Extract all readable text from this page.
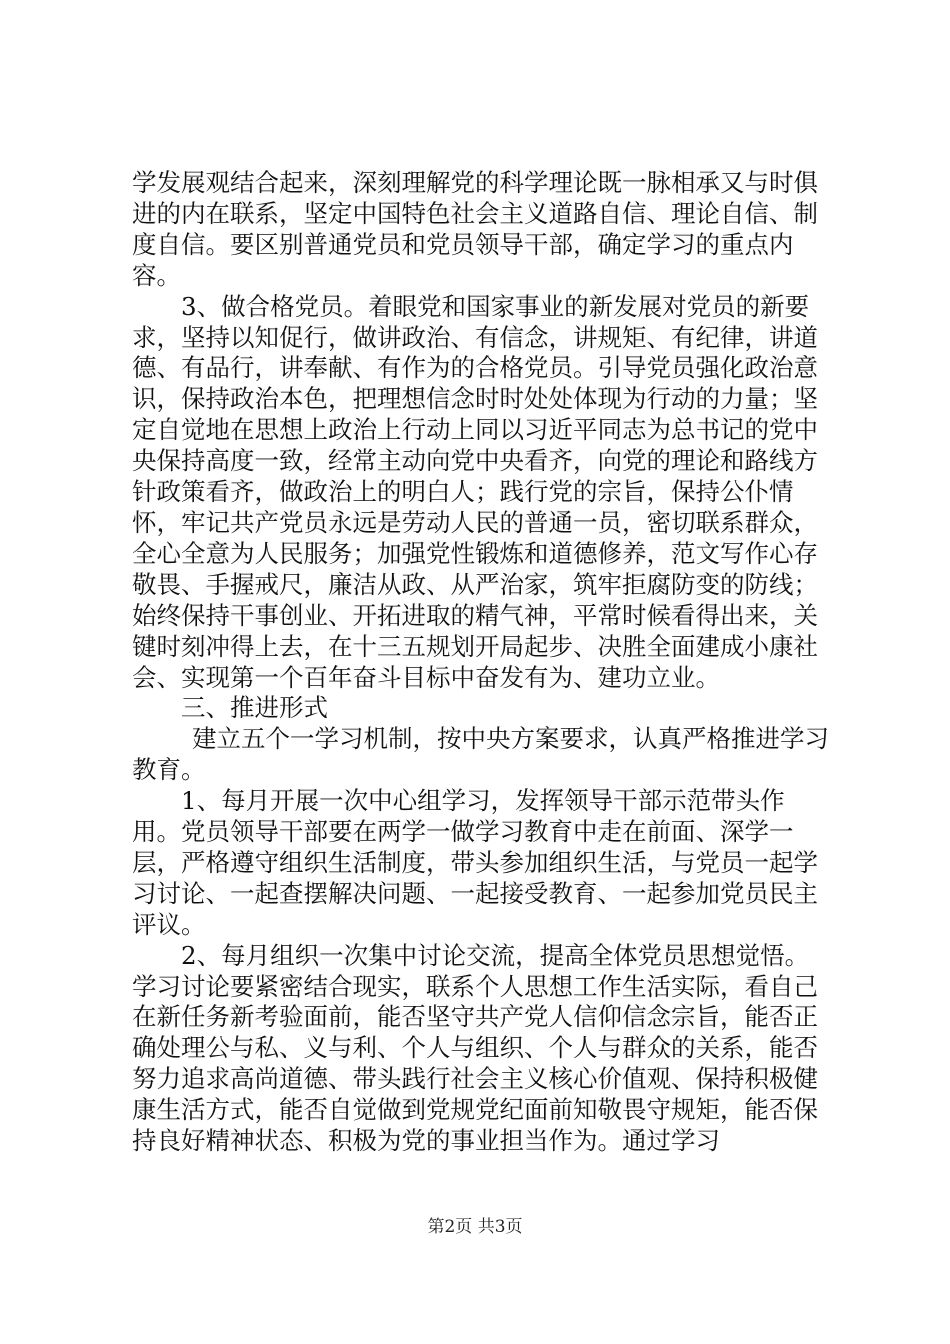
学发展观结合起来，深刻理解党的科学理论既一脉相承又与时俱进的内在联系，坚定中国特色社会主义道路自信、理论自信、制度自信。要区别普通党员和党员领导干部，确定学习的重点内容。

3、做合格党员。着眼党和国家事业的新发展对党员的新要求，坚持以知促行，做讲政治、有信念，讲规矩、有纪律，讲道德、有品行，讲奉献、有作为的合格党员。引导党员强化政治意识，保持政治本色，把理想信念时时处处体现为行动的力量；坚定自觉地在思想上政治上行动上同以习近平同志为总书记的党中央保持高度一致，经常主动向党中央看齐，向党的理论和路线方针政策看齐，做政治上的明白人；践行党的宗旨，保持公仆情怀，牢记共产党员永远是劳动人民的普通一员，密切联系群众，全心全意为人民服务；加强党性锻炼和道德修养，范文写作心存敬畏、手握戒尺，廉洁从政、从严治家，筑牢拒腐防变的防线；始终保持干事创业、开拓进取的精气神，平常时候看得出来，关键时刻冲得上去，在十三五规划开局起步、决胜全面建成小康社会、实现第一个百年奋斗目标中奋发有为、建功立业。

三、推进形式

建立五个一学习机制，按中央方案要求，认真严格推进学习教育。

1、每月开展一次中心组学习，发挥领导干部示范带头作用。党员领导干部要在两学一做学习教育中走在前面、深学一层，严格遵守组织生活制度，带头参加组织生活，与党员一起学习讨论、一起查摆解决问题、一起接受教育、一起参加党员民主评议。

2、每月组织一次集中讨论交流，提高全体党员思想觉悟。学习讨论要紧密结合现实，联系个人思想工作生活实际，看自己在新任务新考验面前，能否坚守共产党人信仰信念宗旨，能否正确处理公与私、义与利、个人与组织、个人与群众的关系，能否努力追求高尚道德、带头践行社会主义核心价值观、保持积极健康生活方式，能否自觉做到党规党纪面前知敬畏守规矩，能否保持良好精神状态、积极为党的事业担当作为。通过学习

第2页 共3页
